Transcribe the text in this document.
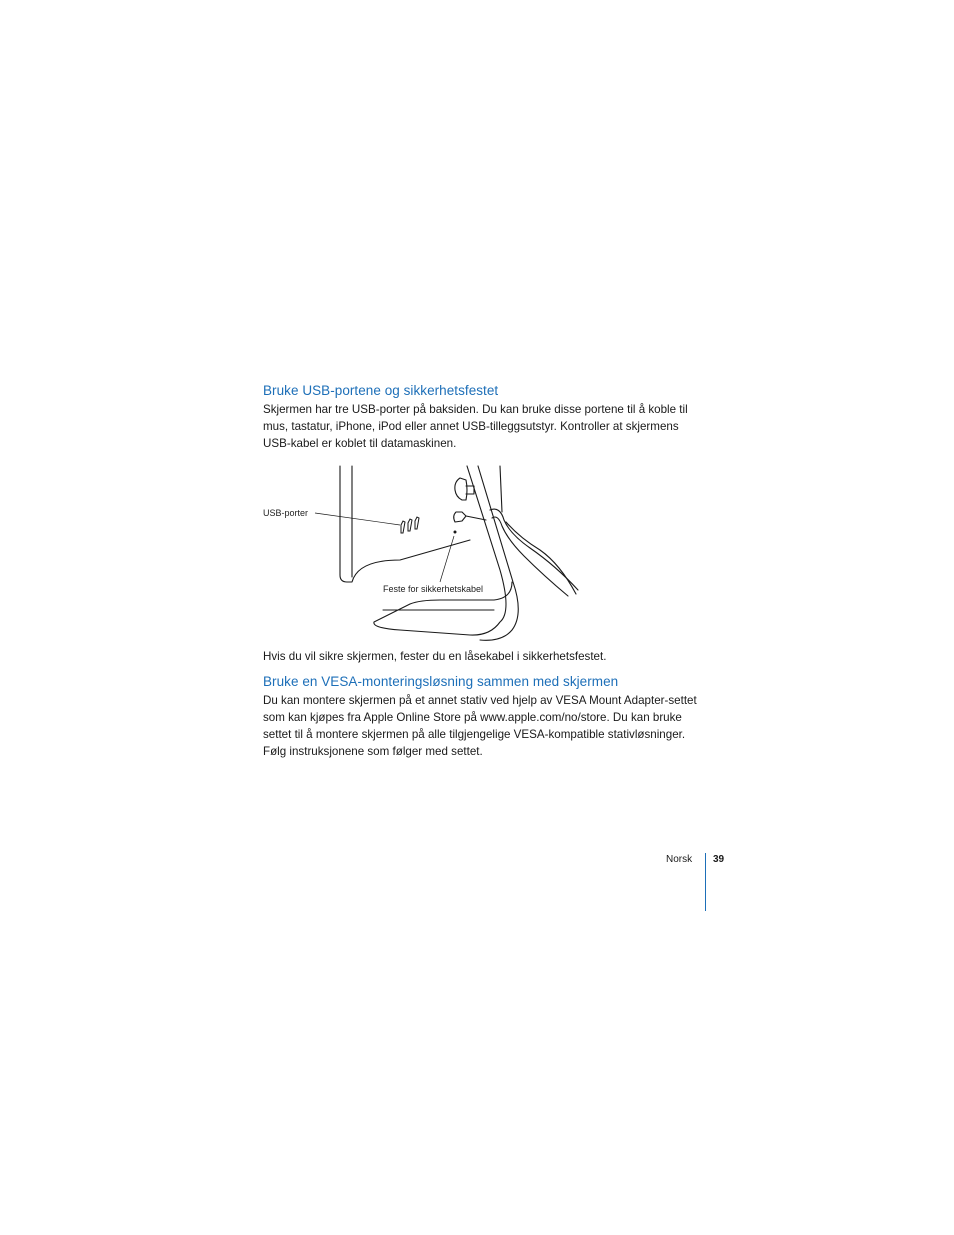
Bruke USB-portene og sikkerhetsfestet

Skjermen har tre USB-porter på baksiden. Du kan bruke disse portene til å koble til mus, tastatur, iPhone, iPod eller annet USB-tilleggsutstyr. Kontroller at skjermens USB-kabel er koblet til datamaskinen.

USB-porter
Feste for sikkerhetskabel

Hvis du vil sikre skjermen, fester du en låsekabel i sikkerhetsfestet.

Bruke en VESA-monteringsløsning sammen med skjermen

Du kan montere skjermen på et annet stativ ved hjelp av VESA Mount Adapter-settet som kan kjøpes fra Apple Online Store på www.apple.com/no/store. Du kan bruke settet til å montere skjermen på alle tilgjengelige VESA-kompatible stativløsninger. Følg instruksjonene som følger med settet.

Norsk 39
